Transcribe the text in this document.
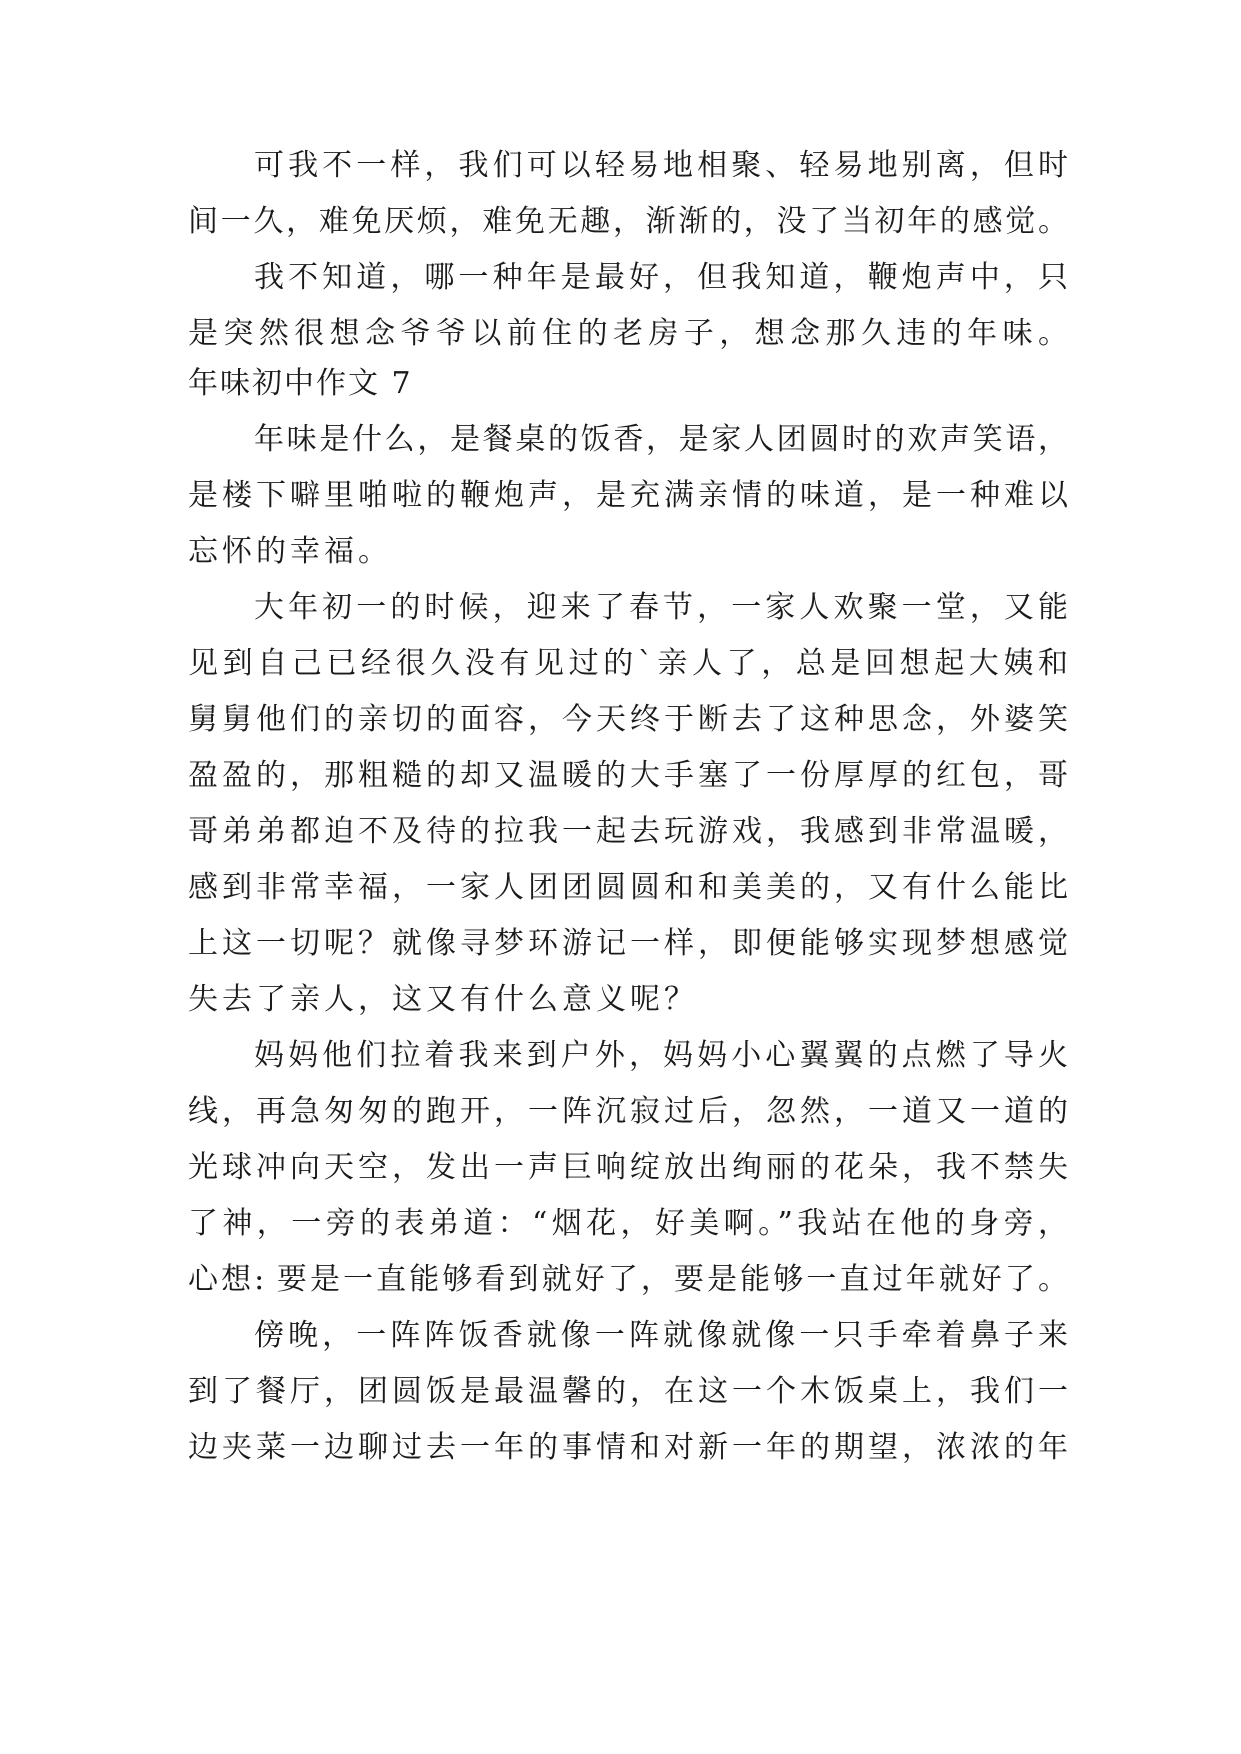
可我不一样，我们可以轻易地相聚、轻易地别离，但时
间一久，难免厌烦，难免无趣，渐渐的，没了当初年的感觉。
我不知道，哪一种年是最好，但我知道，鞭炮声中，只
是突然很想念爷爷以前住的老房子，想念那久违的年味。
年味初中作文 7
年味是什么，是餐桌的饭香，是家人团圆时的欢声笑语，
是楼下噼里啪啦的鞭炮声，是充满亲情的味道，是一种难以
忘怀的幸福。
大年初一的时候，迎来了春节，一家人欢聚一堂，又能
见到自己已经很久没有见过的`亲人了，总是回想起大姨和
舅舅他们的亲切的面容，今天终于断去了这种思念，外婆笑
盈盈的，那粗糙的却又温暖的大手塞了一份厚厚的红包，哥
哥弟弟都迫不及待的拉我一起去玩游戏，我感到非常温暖，
感到非常幸福，一家人团团圆圆和和美美的，又有什么能比
上这一切呢？就像寻梦环游记一样，即便能够实现梦想感觉
失去了亲人，这又有什么意义呢？
妈妈他们拉着我来到户外，妈妈小心翼翼的点燃了导火
线，再急匆匆的跑开，一阵沉寂过后，忽然，一道又一道的
光球冲向天空，发出一声巨响绽放出绚丽的花朵，我不禁失
了神，一旁的表弟道：“烟花，好美啊。”我站在他的身旁，
心想: 要是一直能够看到就好了，要是能够一直过年就好了。
傍晚，一阵阵饭香就像一阵就像就像一只手牵着鼻子来
到了餐厅，团圆饭是最温馨的，在这一个木饭桌上，我们一
边夹菜一边聊过去一年的事情和对新一年的期望，浓浓的年
